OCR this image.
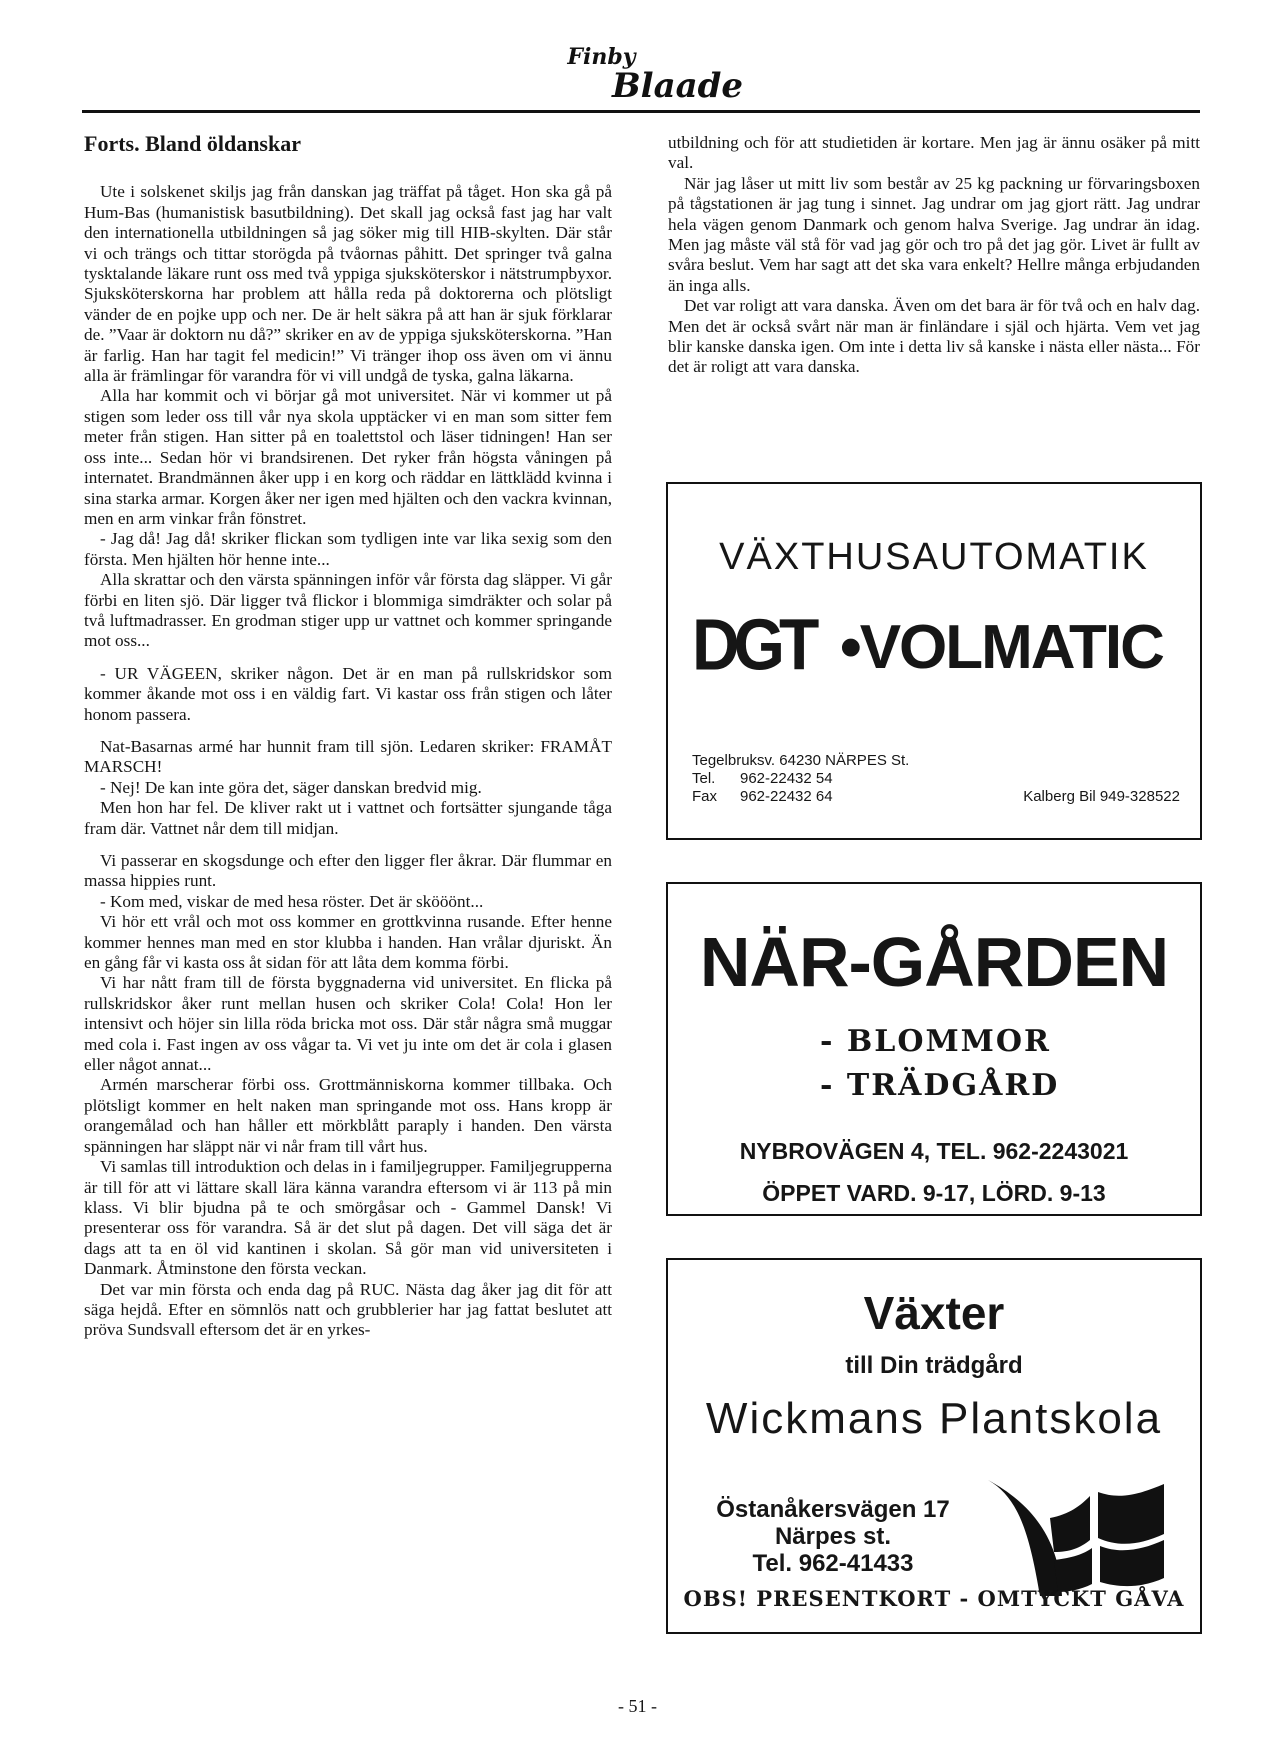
Finby
Blaade
Forts. Bland öldanskar

Ute i solskenet skiljs jag från danskan jag träffat på tåget. Hon ska gå på Hum-Bas (humanistisk basutbildning). Det skall jag också fast jag har valt den internationella utbildningen så jag söker mig till HIB-skylten. Där står vi och trängs och tittar storögda på tvåornas påhitt. Det springer två galna tysktalande läkare runt oss med två yppiga sjuksköterskor i nätstrumpbyxor. Sjuksköterskorna har problem att hålla reda på doktorerna och plötsligt vänder de en pojke upp och ner. De är helt säkra på att han är sjuk förklarar de. ”Vaar är doktorn nu då?” skriker en av de yppiga sjuksköterskorna. ”Han är farlig. Han har tagit fel medicin!” Vi tränger ihop oss även om vi ännu alla är främlingar för varandra för vi vill undgå de tyska, galna läkarna.

Alla har kommit och vi börjar gå mot universitet. När vi kommer ut på stigen som leder oss till vår nya skola upptäcker vi en man som sitter fem meter från stigen. Han sitter på en toalettstol och läser tidningen! Han ser oss inte... Sedan hör vi brandsirenen. Det ryker från högsta våningen på internatet. Brandmännen åker upp i en korg och räddar en lättklädd kvinna i sina starka armar. Korgen åker ner igen med hjälten och den vackra kvinnan, men en arm vinkar från fönstret.

- Jag då! Jag då! skriker flickan som tydligen inte var lika sexig som den första. Men hjälten hör henne inte...

Alla skrattar och den värsta spänningen inför vår första dag släpper. Vi går förbi en liten sjö. Där ligger två flickor i blommiga simdräkter och solar på två luftmadrasser. En grodman stiger upp ur vattnet och kommer springande mot oss...

- UR VÄGEEN, skriker någon. Det är en man på rullskridskor som kommer åkande mot oss i en väldig fart. Vi kastar oss från stigen och låter honom passera.

Nat-Basarnas armé har hunnit fram till sjön. Ledaren skriker: FRAMÅT MARSCH!

- Nej! De kan inte göra det, säger danskan bredvid mig.

Men hon har fel. De kliver rakt ut i vattnet och fortsätter sjungande tåga fram där. Vattnet når dem till midjan.

Vi passerar en skogsdunge och efter den ligger fler åkrar. Där flummar en massa hippies runt.

- Kom med, viskar de med hesa röster. Det är skööönt...

Vi hör ett vrål och mot oss kommer en grottkvinna rusande. Efter henne kommer hennes man med en stor klubba i handen. Han vrålar djuriskt. Än en gång får vi kasta oss åt sidan för att låta dem komma förbi.

Vi har nått fram till de första byggnaderna vid universitet. En flicka på rullskridskor åker runt mellan husen och skriker Cola! Cola! Hon ler intensivt och höjer sin lilla röda bricka mot oss. Där står några små muggar med cola i. Fast ingen av oss vågar ta. Vi vet ju inte om det är cola i glasen eller något annat...

Armén marscherar förbi oss. Grottmänniskorna kommer tillbaka. Och plötsligt kommer en helt naken man springande mot oss. Hans kropp är orangemålad och han håller ett mörkblått paraply i handen. Den värsta spänningen har släppt när vi når fram till vårt hus.

Vi samlas till introduktion och delas in i familjegrupper. Familjegrupperna är till för att vi lättare skall lära känna varandra eftersom vi är 113 på min klass. Vi blir bjudna på te och smörgåsar och - Gammel Dansk! Vi presenterar oss för varandra. Så är det slut på dagen. Det vill säga det är dags att ta en öl vid kantinen i skolan. Så gör man vid universiteten i Danmark. Åtminstone den första veckan.

Det var min första och enda dag på RUC. Nästa dag åker jag dit för att säga hejdå. Efter en sömnlös natt och grubblerier har jag fattat beslutet att pröva Sundsvall eftersom det är en yrkes-

utbildning och för att studietiden är kortare. Men jag är ännu osäker på mitt val.

När jag låser ut mitt liv som består av 25 kg packning ur förvaringsboxen på tågstationen är jag tung i sinnet. Jag undrar om jag gjort rätt. Jag undrar hela vägen genom Danmark och genom halva Sverige. Jag undrar än idag. Men jag måste väl stå för vad jag gör och tro på det jag gör. Livet är fullt av svåra beslut. Vem har sagt att det ska vara enkelt? Hellre många erbjudanden än inga alls.

Det var roligt att vara danska. Även om det bara är för två och en halv dag. Men det är också svårt när man är finländare i själ och hjärta. Vem vet jag blir kanske danska igen. Om inte i detta liv så kanske i nästa eller nästa... För det är roligt att vara danska.

VÄXTHUSAUTOMATIK
DGT •VOLMATIC
Tegelbruksv. 64230 NÄRPES St.
Tel. 962-22432 54
Fax 962-22432 64	Kalberg Bil 949-328522
NÄR-GÅRDEN
- BLOMMOR
- TRÄDGÅRD
NYBROVÄGEN 4, TEL. 962-2243021
ÖPPET VARD. 9-17, LÖRD. 9-13
Växter
till Din trädgård
Wickmans Plantskola
Östanåkersvägen 17
Närpes st.
Tel. 962-41433
OBS! PRESENTKORT - OMTYCKT GÅVA
- 51 -
